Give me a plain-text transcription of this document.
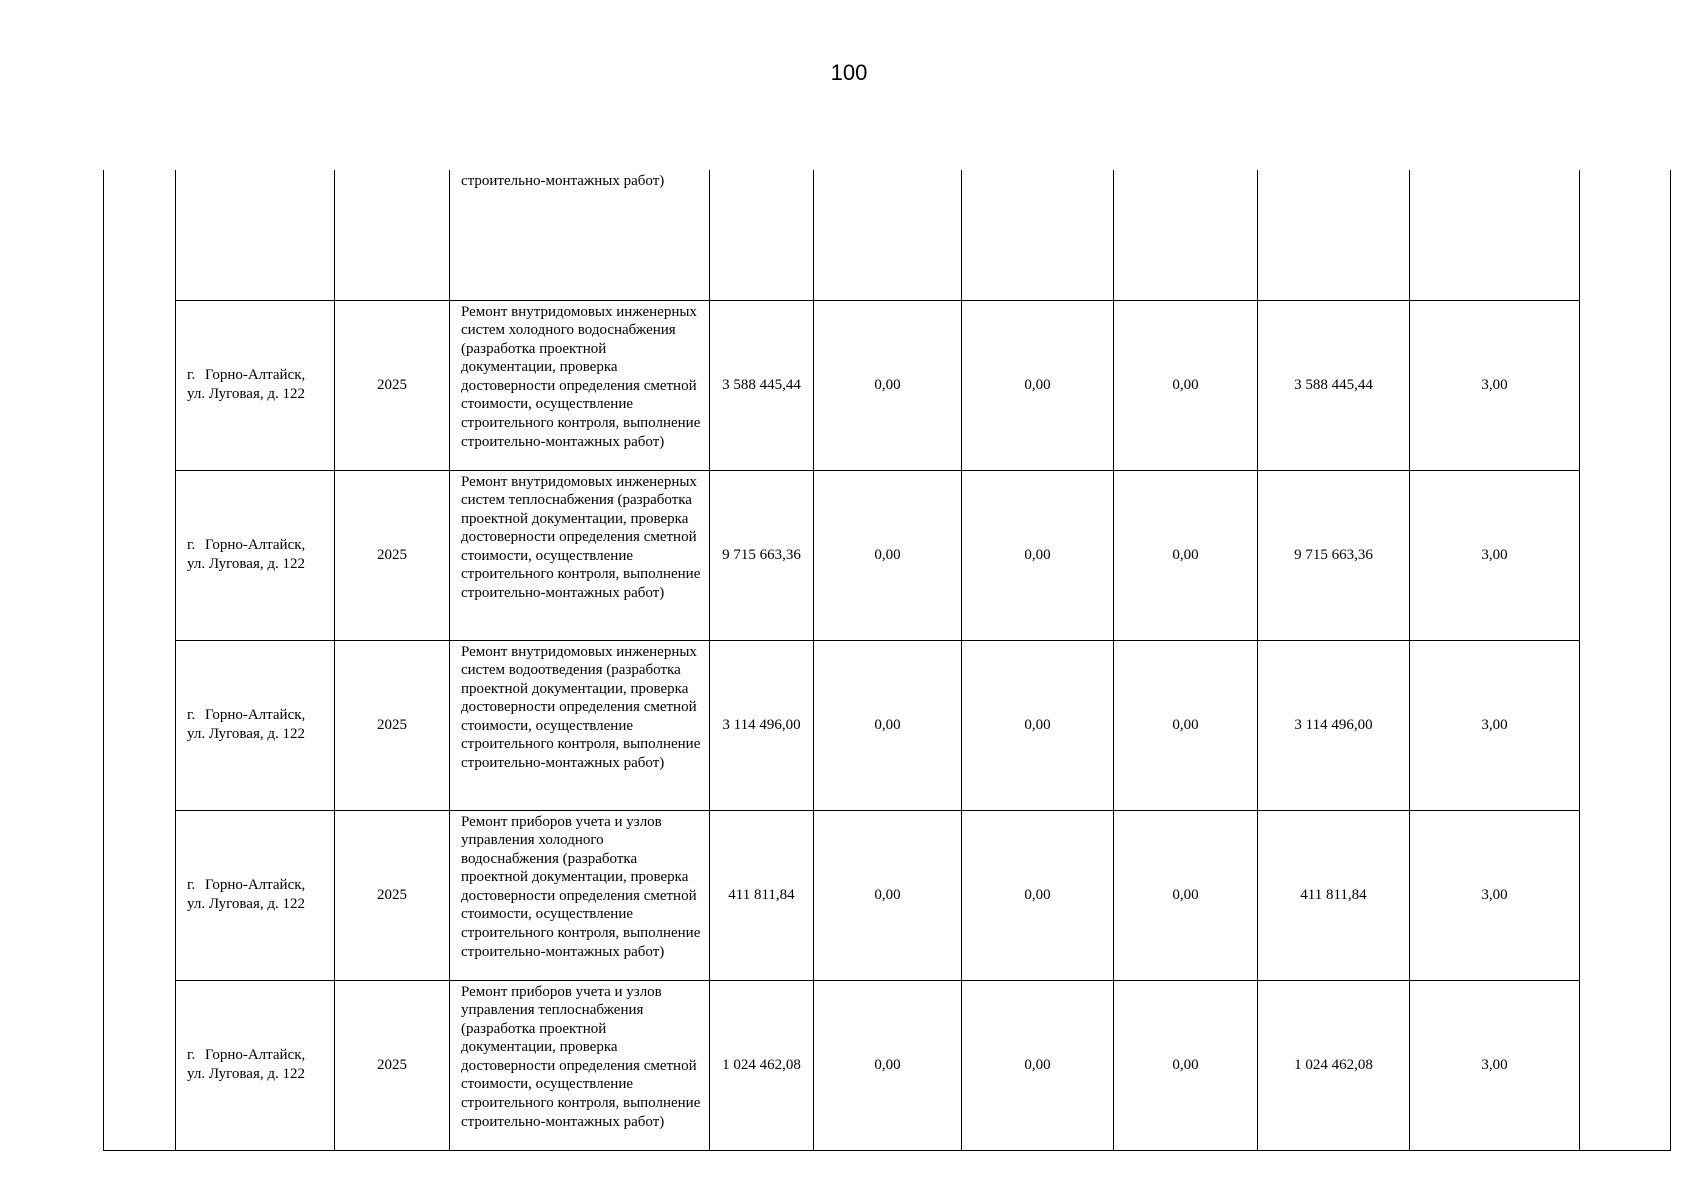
100
			строительно-монтажных работ)							

	г. Горно-Алтайск,
ул. Луговая, д. 122	2025	Ремонт внутридомовых инженерных систем холодного водоснабжения (разработка проектной документации, проверка достоверности определения сметной стоимости, осуществление строительного контроля, выполнение строительно-монтажных работ)	3 588 445,44	0,00	0,00	0,00	3 588 445,44	3,00	

	г. Горно-Алтайск,
ул. Луговая, д. 122	2025	Ремонт внутридомовых инженерных систем теплоснабжения (разработка проектной документации, проверка достоверности определения сметной стоимости, осуществление строительного контроля, выполнение строительно-монтажных работ)	9 715 663,36	0,00	0,00	0,00	9 715 663,36	3,00	

	г. Горно-Алтайск,
ул. Луговая, д. 122	2025	Ремонт внутридомовых инженерных систем водоотведения (разработка проектной документации, проверка достоверности определения сметной стоимости, осуществление строительного контроля, выполнение строительно-монтажных работ)	3 114 496,00	0,00	0,00	0,00	3 114 496,00	3,00	

	г. Горно-Алтайск,
ул. Луговая, д. 122	2025	Ремонт приборов учета и узлов управления холодного водоснабжения (разработка проектной документации, проверка достоверности определения сметной стоимости, осуществление строительного контроля, выполнение строительно-монтажных работ)	411 811,84	0,00	0,00	0,00	411 811,84	3,00	

	г. Горно-Алтайск,
ул. Луговая, д. 122	2025	Ремонт приборов учета и узлов управления теплоснабжения (разработка проектной документации, проверка достоверности определения сметной стоимости, осуществление строительного контроля, выполнение строительно-монтажных работ)	1 024 462,08	0,00	0,00	0,00	1 024 462,08	3,00	
